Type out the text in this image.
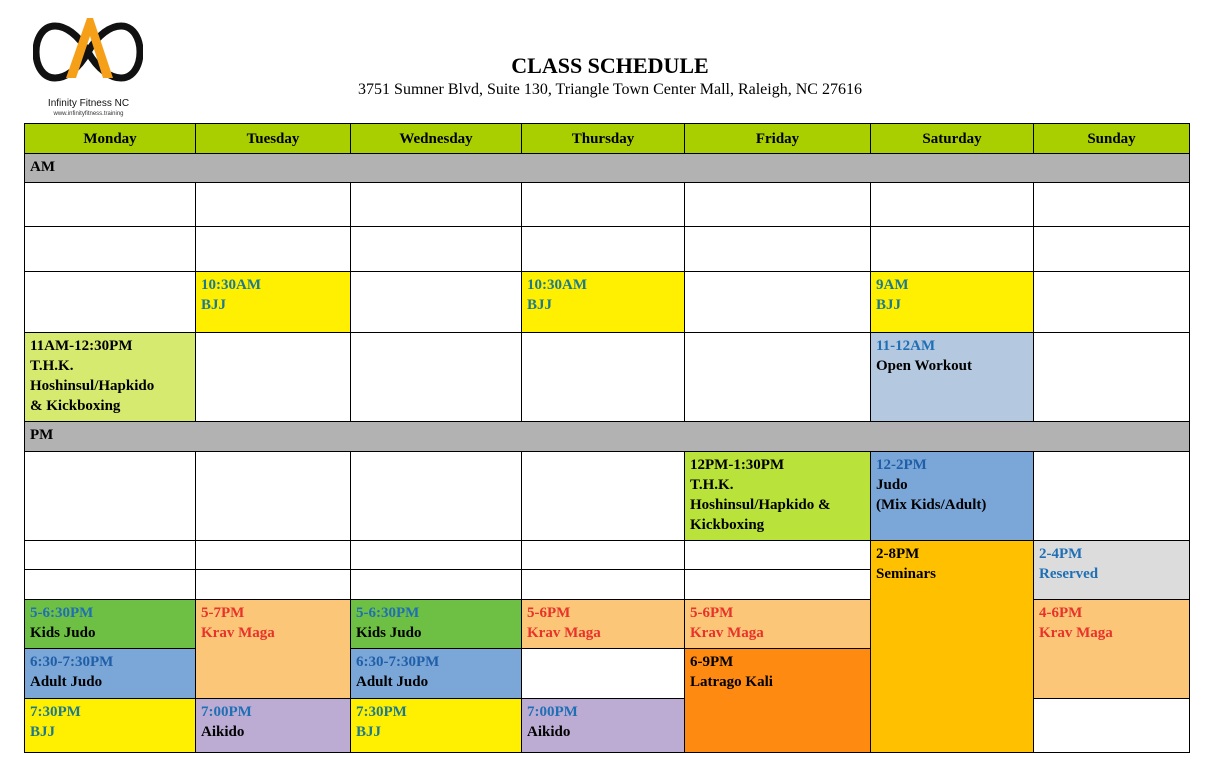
Infinity Fitness NC
www.infinityfitness.training
CLASS SCHEDULE
3751 Sumner Blvd, Suite 130, Triangle Town Center Mall, Raleigh, NC 27616
Monday	Tuesday	Wednesday	Thursday	Friday	Saturday	Sunday
AM						

	10:30AM
BJJ		10:30AM
BJJ		9AM
BJJ	

11AM-12:30PM
T.H.K.
Hoshinsul/Hapkido
& Kickboxing					11-12AM
Open Workout	

PM						

				12PM-1:30PM
T.H.K.
Hoshinsul/Hapkido &
Kickboxing	12-2PM
Judo
(Mix Kids/Adult)	

					2-8PM
Seminars	2-4PM
Reserved

5-6:30PM
Kids Judo	5-7PM
Krav Maga	5-6:30PM
Kids Judo	5-6PM
Krav Maga	5-6PM
Krav Maga		4-6PM
Krav Maga

6:30-7:30PM
Adult Judo		6:30-7:30PM
Adult Judo		6-9PM
Latrago Kali		

7:30PM
BJJ	7:00PM
Aikido	7:30PM
BJJ	7:00PM
Aikido			
